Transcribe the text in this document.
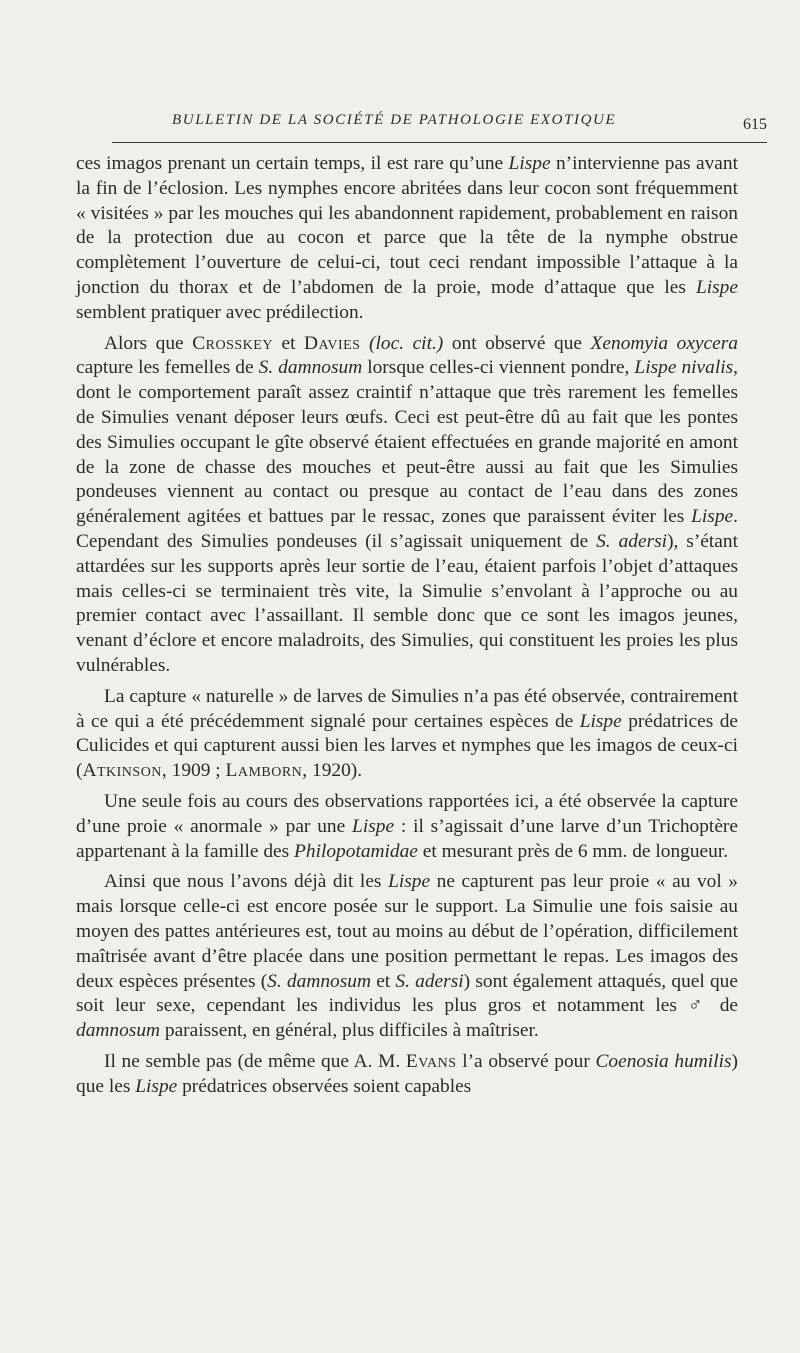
BULLETIN DE LA SOCIÉTÉ DE PATHOLOGIE EXOTIQUE	615

ces imagos prenant un certain temps, il est rare qu’une Lispe n’intervienne pas avant la fin de l’éclosion. Les nymphes encore abritées dans leur cocon sont fréquemment « visitées » par les mouches qui les abandonnent rapidement, probablement en raison de la protection due au cocon et parce que la tête de la nymphe obstrue complètement l’ouverture de celui-ci, tout ceci rendant impossible l’attaque à la jonction du thorax et de l’abdomen de la proie, mode d’attaque que les Lispe semblent pratiquer avec prédilection.

Alors que Crosskey et Davies (loc. cit.) ont observé que Xenomyia oxycera capture les femelles de S. damnosum lorsque celles-ci viennent pondre, Lispe nivalis, dont le comportement paraît assez craintif n’attaque que très rarement les femelles de Simulies venant déposer leurs œufs. Ceci est peut-être dû au fait que les pontes des Simulies occupant le gîte observé étaient effectuées en grande majorité en amont de la zone de chasse des mouches et peut-être aussi au fait que les Simulies pondeuses viennent au contact ou presque au contact de l’eau dans des zones généralement agitées et battues par le ressac, zones que paraissent éviter les Lispe. Cependant des Simulies pondeuses (il s’agissait uniquement de S. adersi), s’étant attardées sur les supports après leur sortie de l’eau, étaient parfois l’objet d’attaques mais celles-ci se terminaient très vite, la Simulie s’envolant à l’approche ou au premier contact avec l’assaillant. Il semble donc que ce sont les imagos jeunes, venant d’éclore et encore maladroits, des Simulies, qui constituent les proies les plus vulnérables.

La capture « naturelle » de larves de Simulies n’a pas été observée, contrairement à ce qui a été précédemment signalé pour certaines espèces de Lispe prédatrices de Culicides et qui capturent aussi bien les larves et nymphes que les imagos de ceux-ci (Atkinson, 1909 ; Lamborn, 1920).

Une seule fois au cours des observations rapportées ici, a été observée la capture d’une proie « anormale » par une Lispe : il s’agissait d’une larve d’un Trichoptère appartenant à la famille des Philopotamidae et mesurant près de 6 mm. de longueur.

Ainsi que nous l’avons déjà dit les Lispe ne capturent pas leur proie « au vol » mais lorsque celle-ci est encore posée sur le support. La Simulie une fois saisie au moyen des pattes antérieures est, tout au moins au début de l’opération, difficilement maîtrisée avant d’être placée dans une position permettant le repas. Les imagos des deux espèces présentes (S. damnosum et S. adersi) sont également attaqués, quel que soit leur sexe, cependant les individus les plus gros et notamment les ♂ de damnosum paraissent, en général, plus difficiles à maîtriser.

Il ne semble pas (de même que A. M. Evans l’a observé pour Coenosia humilis) que les Lispe prédatrices observées soient capables
